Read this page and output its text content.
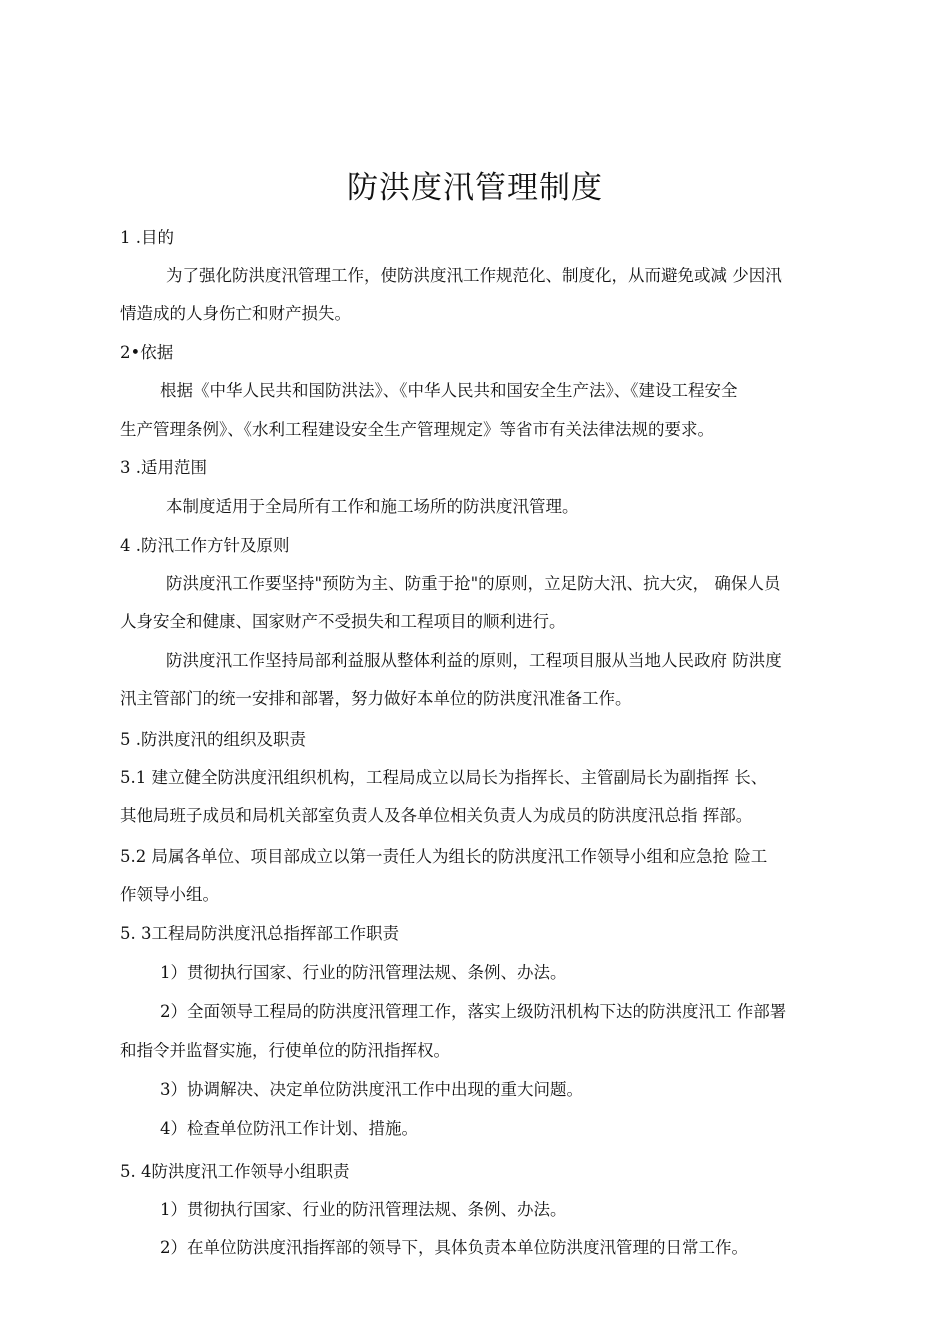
防洪度汛管理制度
1 .目的
为了强化防洪度汛管理工作，使防洪度汛工作规范化、制度化，从而避免或减 少因汛
情造成的人身伤亡和财产损失。
2•依据
根据《中华人民共和国防洪法》、《中华人民共和国安全生产法》、《建设工程安全
生产管理条例》、《水利工程建设安全生产管理规定》等省市有关法律法规的要求。
3 .适用范围
本制度适用于全局所有工作和施工场所的防洪度汛管理。
4 .防汛工作方针及原则
防洪度汛工作要坚持"预防为主、防重于抢"的原则，立足防大汛、抗大灾， 确保人员
人身安全和健康、国家财产不受损失和工程项目的顺利进行。
防洪度汛工作坚持局部利益服从整体利益的原则，工程项目服从当地人民政府 防洪度
汛主管部门的统一安排和部署，努力做好本单位的防洪度汛准备工作。
5 .防洪度汛的组织及职责
5.1 建立健全防洪度汛组织机构，工程局成立以局长为指挥长、主管副局长为副指挥 长、
其他局班子成员和局机关部室负责人及各单位相关负责人为成员的防洪度汛总指 挥部。
5.2 局属各单位、项目部成立以第一责任人为组长的防洪度汛工作领导小组和应急抢 险工
作领导小组。
5. 3工程局防洪度汛总指挥部工作职责
1）贯彻执行国家、行业的防汛管理法规、条例、办法。
2）全面领导工程局的防洪度汛管理工作，落实上级防汛机构下达的防洪度汛工 作部署
和指令并监督实施，行使单位的防汛指挥权。
3）协调解决、决定单位防洪度汛工作中出现的重大问题。
4）检查单位防汛工作计划、措施。
5. 4防洪度汛工作领导小组职责
1）贯彻执行国家、行业的防汛管理法规、条例、办法。
2）在单位防洪度汛指挥部的领导下，具体负责本单位防洪度汛管理的日常工作。
